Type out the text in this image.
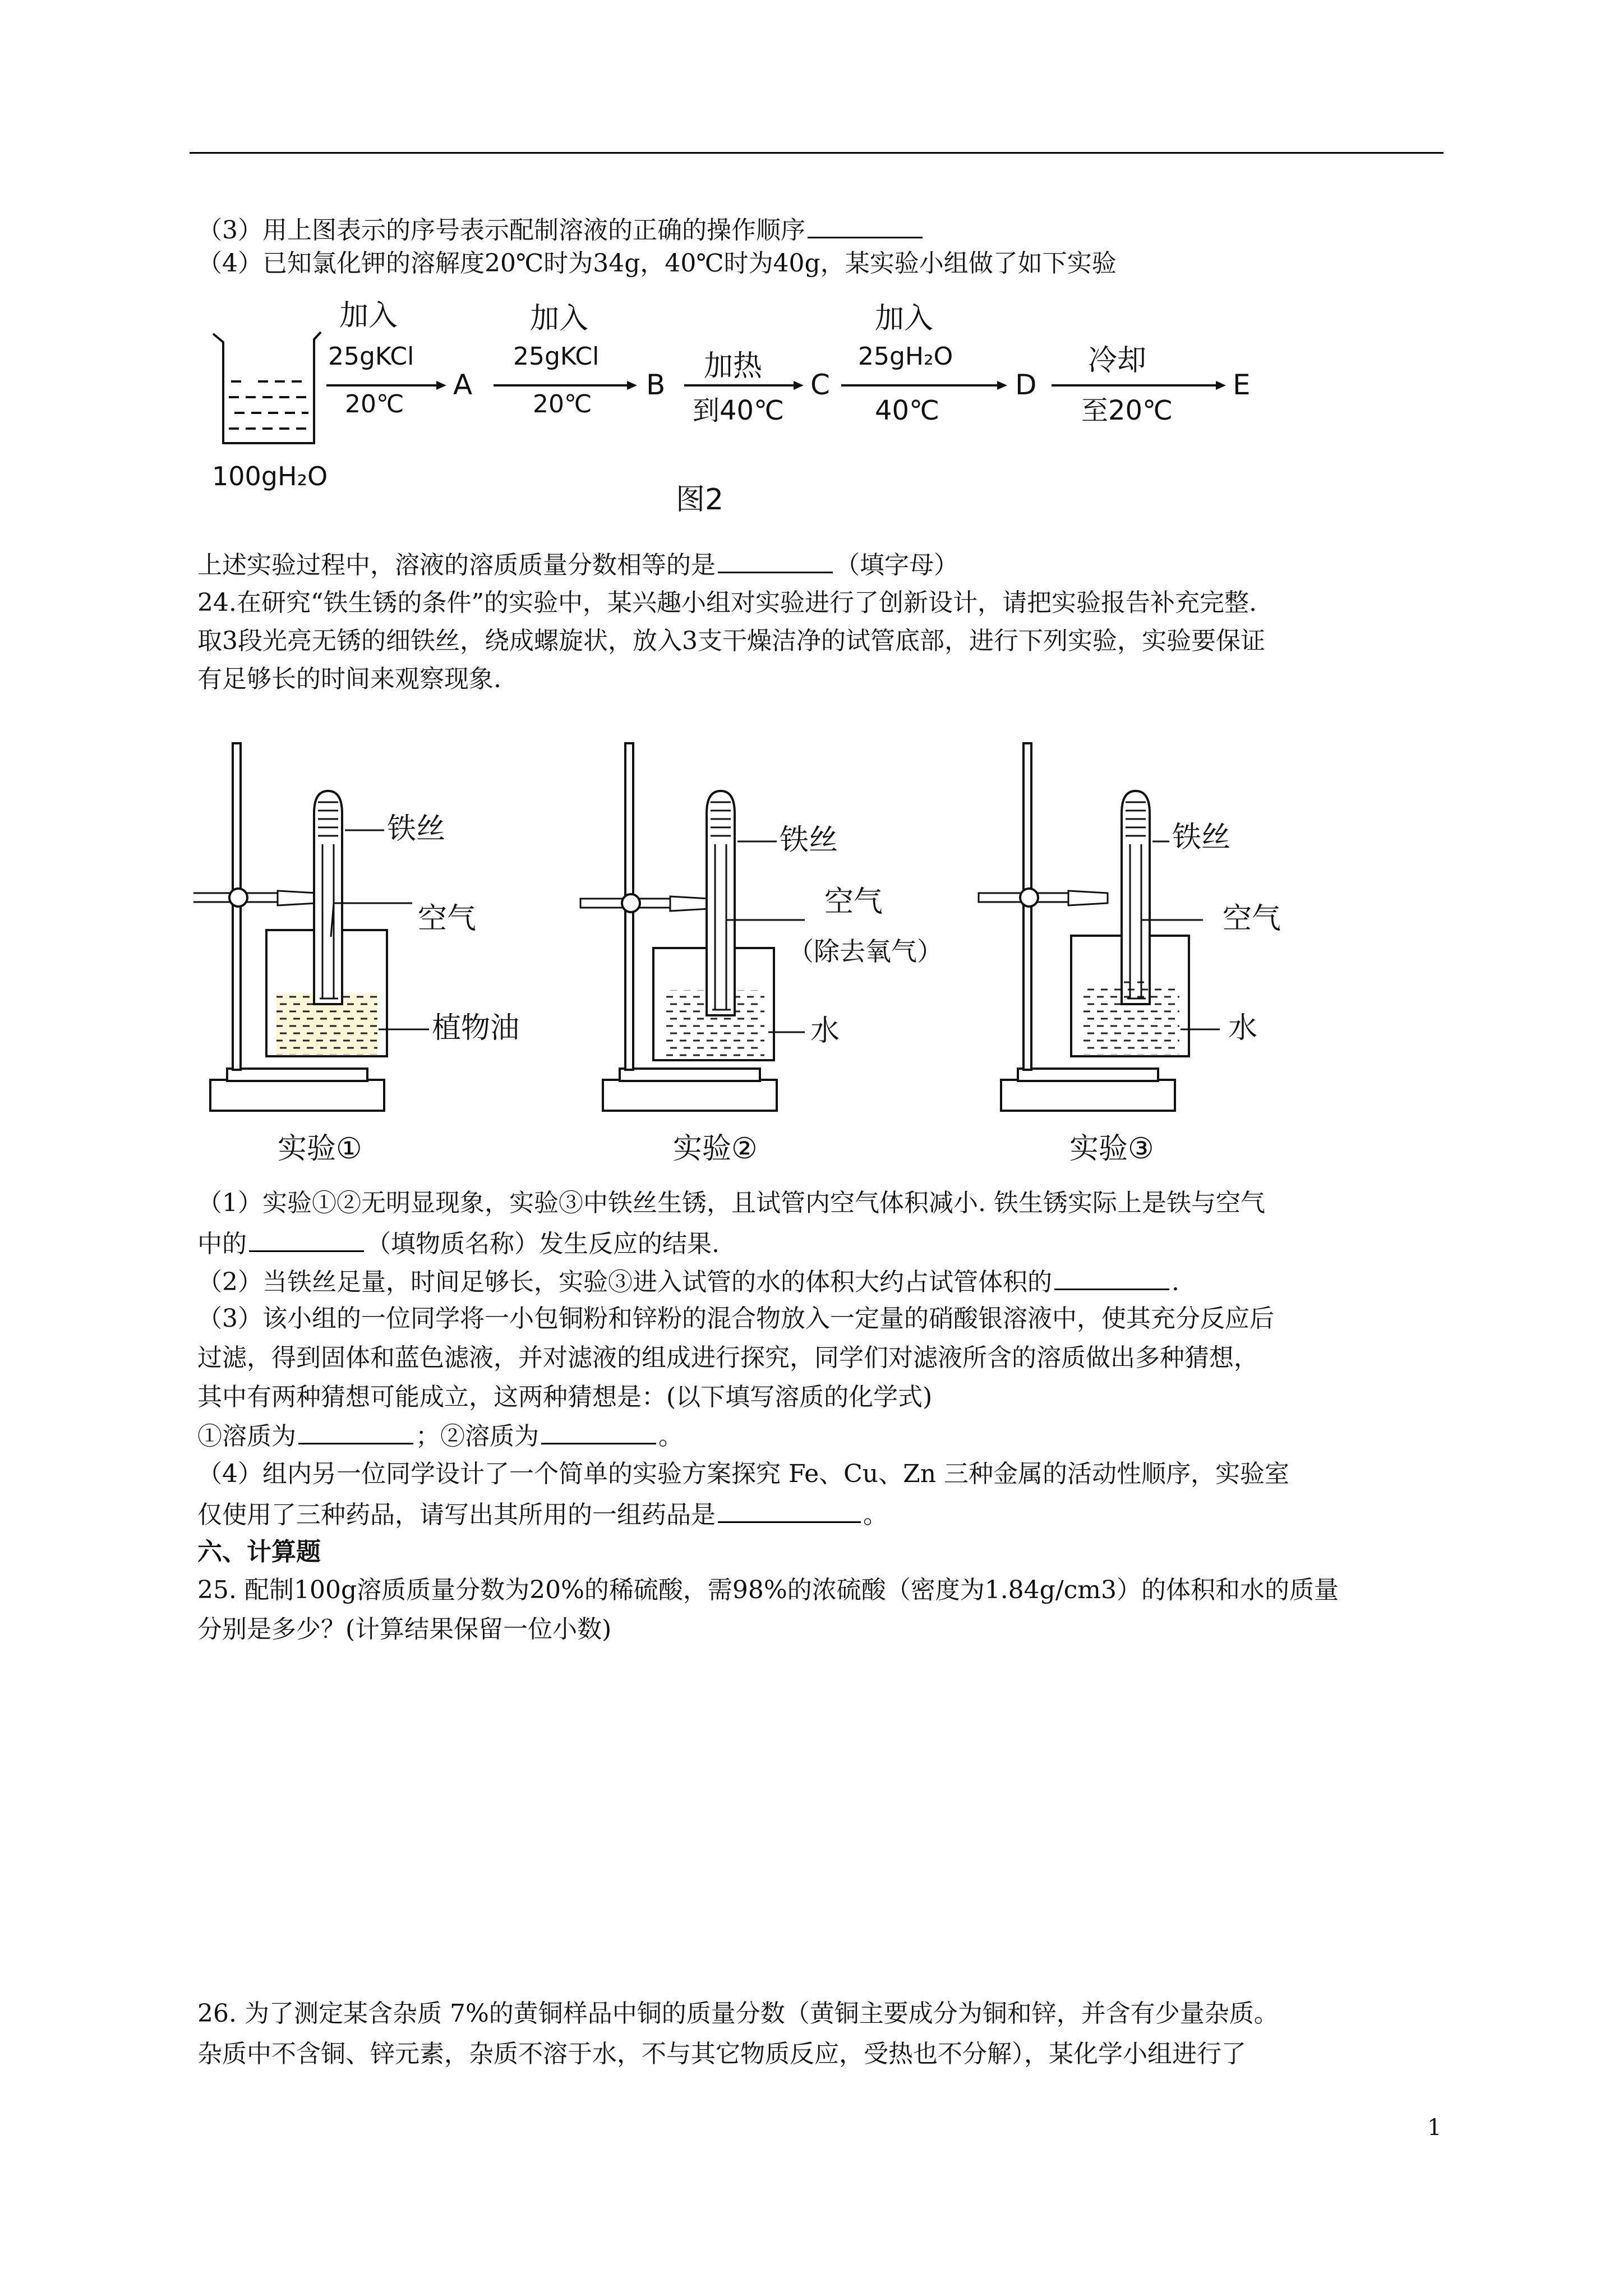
（3）用上图表示的序号表示配制溶液的正确的操作顺序
（4）已知氯化钾的溶解度20℃时为34g，40℃时为40g，某实验小组做了如下实验
100gH₂O
加入
25gKCl
20℃
A
加入
25gKCl
20℃
B
加热
到40℃
C
加入
25gH₂O
40℃
D
冷却
至20℃
E
图2
上述实验过程中，溶液的溶质质量分数相等的是	（填字母）
24.在研究“铁生锈的条件”的实验中，某兴趣小组对实验进行了创新设计，请把实验报告补充完整.
取3段光亮无锈的细铁丝，绕成螺旋状，放入3支干燥洁净的试管底部，进行下列实验，实验要保证
有足够长的时间来观察现象.
铁丝
空气
植物油
实验①
铁丝
空气
（除去氧气）
水
实验②
铁丝
空气
水
实验③
（1）实验①②无明显现象，实验③中铁丝生锈，且试管内空气体积减小. 铁生锈实际上是铁与空气
中的	（填物质名称）发生反应的结果.
（2）当铁丝足量，时间足够长，实验③进入试管的水的体积大约占试管体积的	.
（3）该小组的一位同学将一小包铜粉和锌粉的混合物放入一定量的硝酸银溶液中，使其充分反应后
过滤，得到固体和蓝色滤液，并对滤液的组成进行探究，同学们对滤液所含的溶质做出多种猜想，
其中有两种猜想可能成立，这两种猜想是：(以下填写溶质的化学式)
①溶质为	；②溶质为	。
（4）组内另一位同学设计了一个简单的实验方案探究 Fe、Cu、Zn 三种金属的活动性顺序，实验室
仅使用了三种药品，请写出其所用的一组药品是	。
六、计算题
25. 配制100g溶质质量分数为20%的稀硫酸，需98%的浓硫酸（密度为1.84g/cm3）的体积和水的质量
分别是多少？(计算结果保留一位小数)
26. 为了测定某含杂质 7%的黄铜样品中铜的质量分数（黄铜主要成分为铜和锌，并含有少量杂质。
杂质中不含铜、锌元素，杂质不溶于水，不与其它物质反应，受热也不分解），某化学小组进行了
1
